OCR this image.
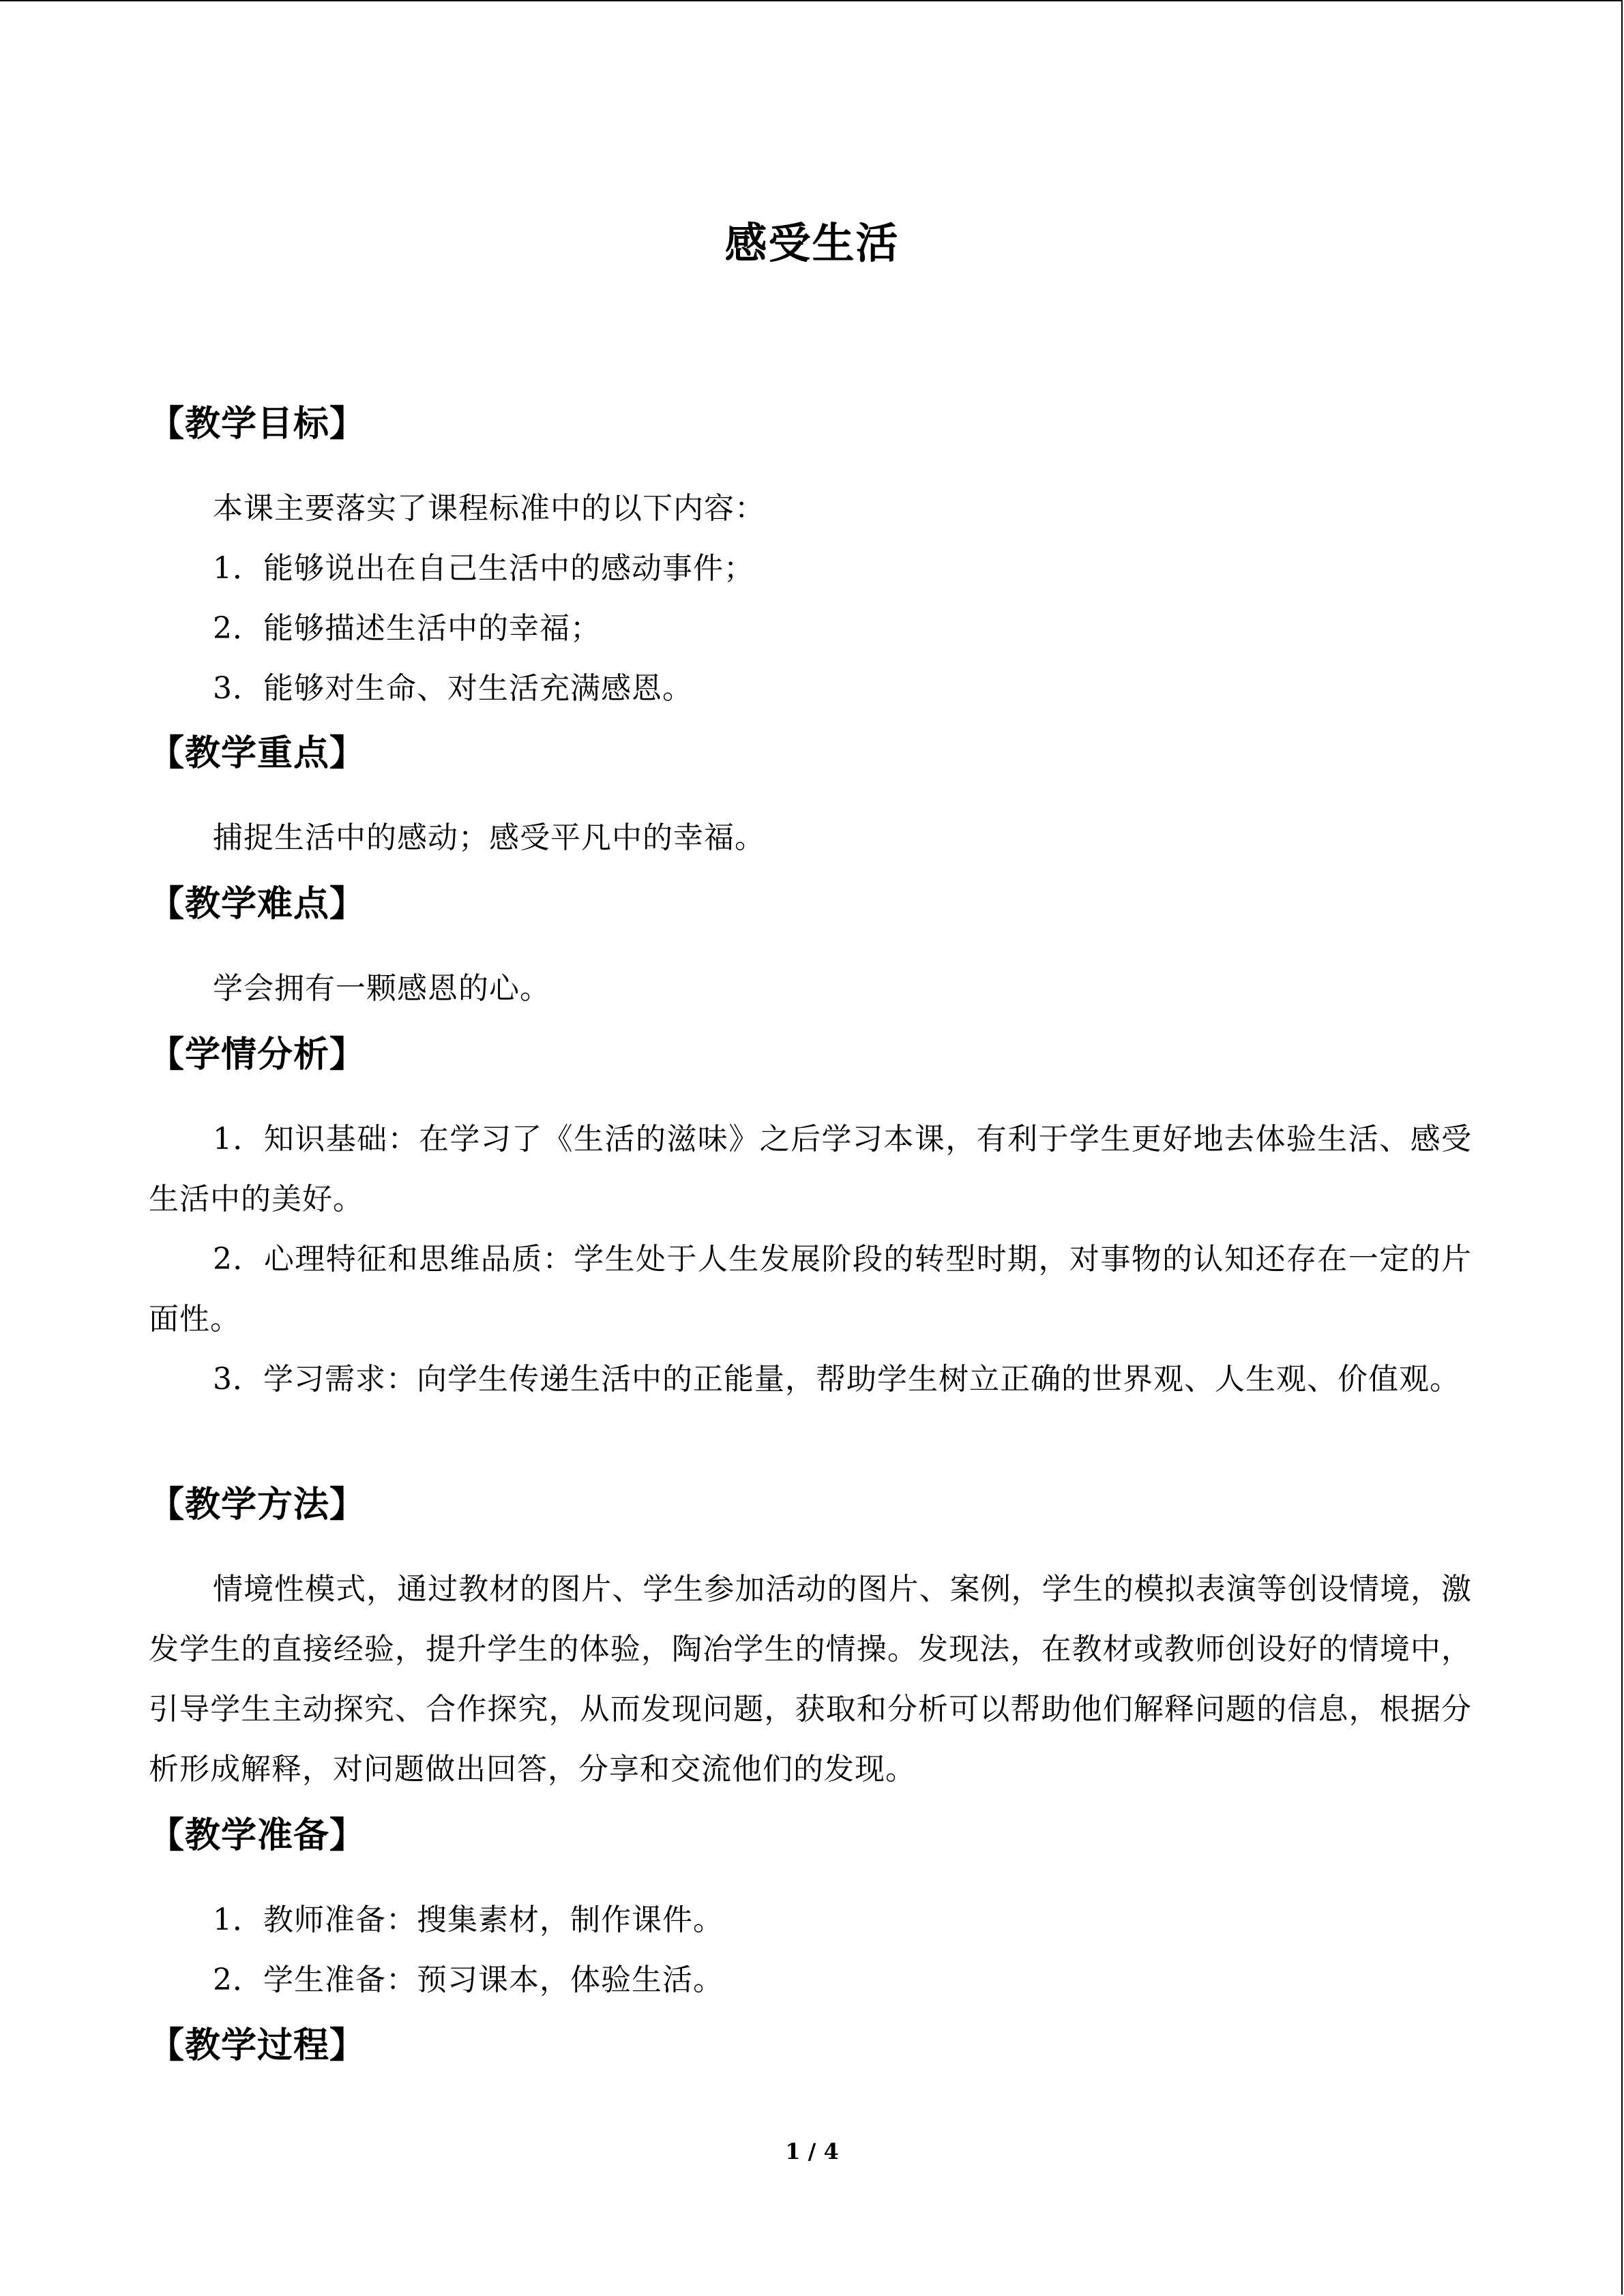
感受生活
【教学目标】
本课主要落实了课程标准中的以下内容：
1．能够说出在自己生活中的感动事件；
2．能够描述生活中的幸福；
3．能够对生命、对生活充满感恩。
【教学重点】
捕捉生活中的感动；感受平凡中的幸福。
【教学难点】
学会拥有一颗感恩的心。
【学情分析】
1．知识基础：在学习了《生活的滋味》之后学习本课，有利于学生更好地去体验生活、感受生活中的美好。
2．心理特征和思维品质：学生处于人生发展阶段的转型时期，对事物的认知还存在一定的片面性。
3．学习需求：向学生传递生活中的正能量，帮助学生树立正确的世界观、人生观、价值观。
【教学方法】
情境性模式，通过教材的图片、学生参加活动的图片、案例，学生的模拟表演等创设情境，激发学生的直接经验，提升学生的体验，陶冶学生的情操。发现法，在教材或教师创设好的情境中，引导学生主动探究、合作探究，从而发现问题，获取和分析可以帮助他们解释问题的信息，根据分析形成解释，对问题做出回答，分享和交流他们的发现。
【教学准备】
1．教师准备：搜集素材，制作课件。
2．学生准备：预习课本，体验生活。
【教学过程】
1 / 4
